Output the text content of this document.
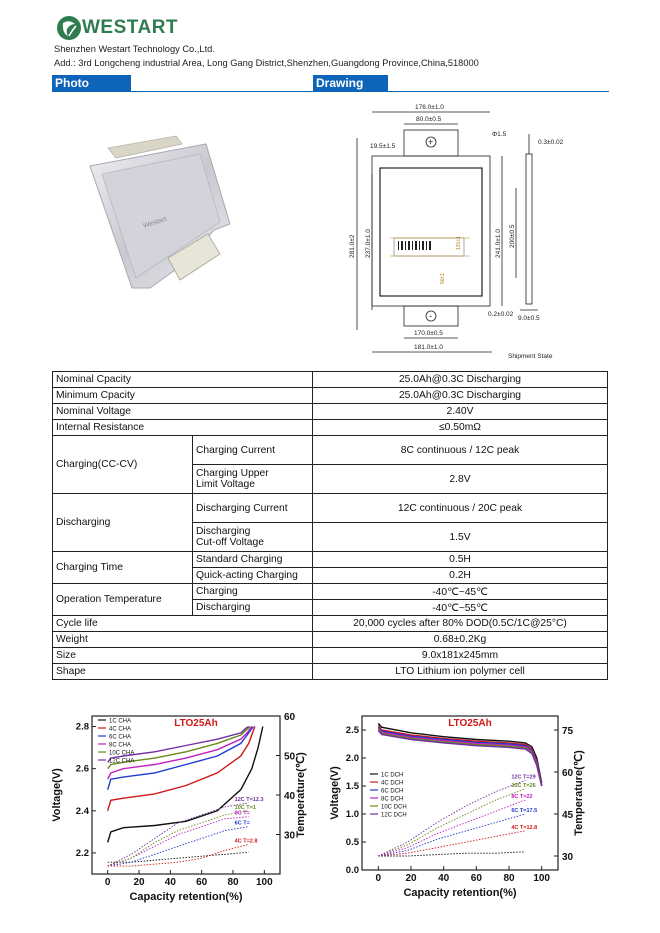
WESTART
Shenzhen Westart Technology Co.,Ltd.
Add.: 3rd Longcheng industrial Area, Long Gang District,Shenzhen,Guangdong Province,China,518000
Photo	Drawing
Westart
+
-
176.0±1.0
80.0±0.5
19.5±1.5
Φ1.5
0.3±0.02
281.0±2 237.0±1.0	241.0±1.0 200±0.5
0.2±0.02
9.0±0.5
170.0±0.5
181.0±1.0
Shipment State
131±1
50±1
Nominal Cpacity		25.0Ah@0.3C Discharging
Minimum Cpacity		25.0Ah@0.3C Discharging
Nominal Voltage		2.40V
Internal Resistance		≤0.50mΩ
Charging(CC-CV)	Charging Current	8C continuous / 12C peak

	Charging Upper
Limit Voltage	2.8V
Discharging	Discharging Current	12C continuous / 20C peak

	Discharging
Cut-off Voltage	1.5V
Charging Time	Standard Charging	0.5H
	Quick-acting Charging	0.2H
Operation Temperature	Charging	-40℃~45℃
	Discharging	-40℃~55℃
Cycle life		20,000 cycles after 80% DOD(0.5C/1C@25°C)
Weight		0.68±0.2Kg
Size		9.0x181x245mm
Shape		LTO Lithium ion polymer cell
0 20 40 60 80 100
2.2
2.4
2.6
2.8
30
40
50
60
Capacity retention(%)
Voltage(V)	Temperature(℃)
LTO25Ah
12C T=12.3
10C T=1
8C T=
6C T=
4C T=2.8
1C CHA
4C CHA
6C CHA
8C CHA
10C CHA
12C CHA
0 20 40 60 80 100
0.0
0.5
1.0
1.5
2.0
2.5
30
45
60
75
Capacity retention(%)
Voltage(V)	Temperature(℃)
LTO25Ah
12C T=29
10C T=26
8C T=22
6C T=17.5
4C T=12.8
1C DCH
4C DCH
6C DCH
8C DCH
10C DCH
12C DCH
